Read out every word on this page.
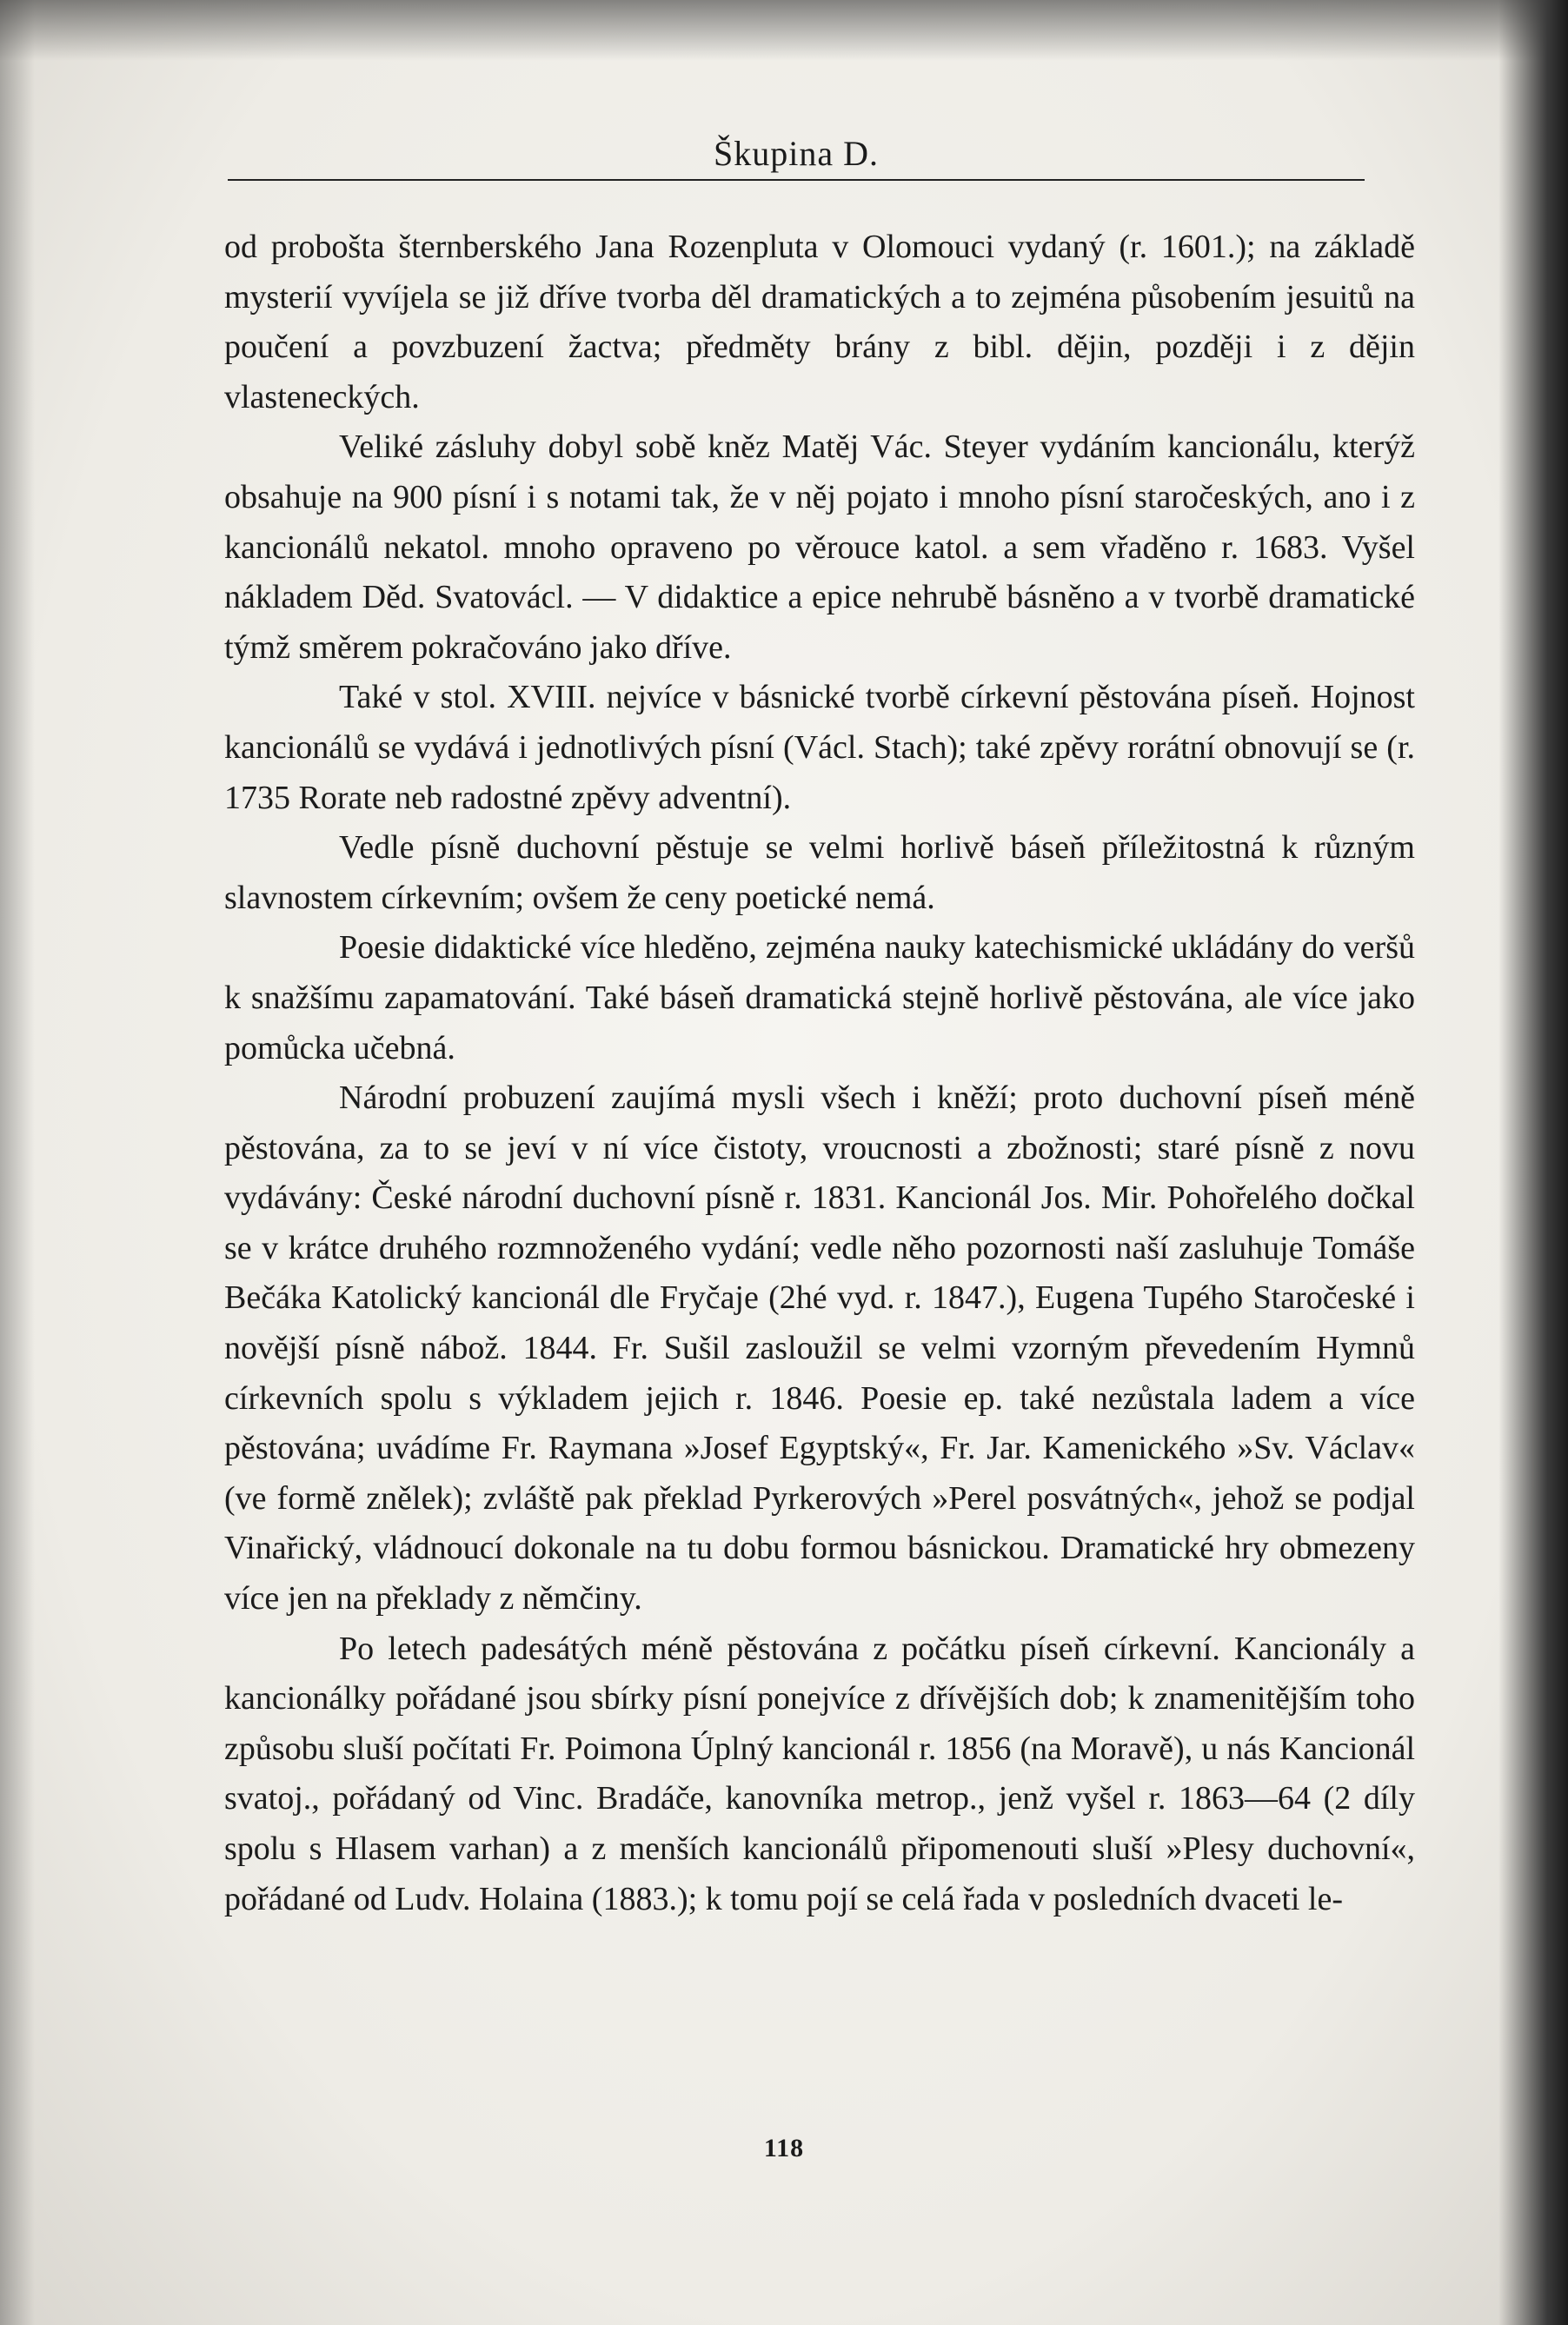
Škupina D.

od proboštа šternberského Jana Rozenpluta v Olomouci vydaný (r. 1601.); na základě mysterií vyvíjela se již dříve tvorba děl dramatických a to zejména působením jesuitů na poučení a povzbuzení žactva; předměty brány z bibl. dějin, později i z dějin vlasteneckých.

Veliké zásluhy dobyl sobě kněz Matěj Vác. Steyer vydáním kancionálu, kterýž obsahuje na 900 písní i s notami tak, že v něj pojato i mnoho písní staročeských, ano i z kancionálů nekatol. mnoho opraveno po věrouce katol. a sem vřaděno r. 1683. Vyšel nákladem Děd. Svatovácl. — V didaktice a epice nehrubě básněno a v tvorbě dramatické týmž směrem pokračováno jako dříve.

Také v stol. XVIII. nejvíce v básnické tvorbě církevní pěstována píseň. Hojnost kancionálů se vydává i jednotlivých písní (Václ. Stach); také zpěvy rorátní obnovují se (r. 1735 Rorate neb radostné zpěvy adventní).

Vedle písně duchovní pěstuje se velmi horlivě báseň příležitostná k různým slavnostem církevním; ovšem že ceny poetické nemá.

Poesie didaktické více hleděno, zejména nauky katechismické ukládány do veršů k snažšímu zapamatování. Také báseň dramatická stejně horlivě pěstována, ale více jako pomůcka učebná.

Národní probuzení zaujímá mysli všech i kněží; proto duchovní píseň méně pěstována, za to se jeví v ní více čistoty, vroucnosti a zbožnosti; staré písně z novu vydávány: České národní duchovní písně r. 1831. Kancionál Jos. Mir. Pohořelého dočkal se v krátce druhého rozmnoženého vydání; vedle něho pozornosti naší zasluhuje Tomáše Bečáka Katolický kancionál dle Fryčaje (2hé vyd. r. 1847.), Eugena Tupého Staročeské i novější písně nábož. 1844. Fr. Sušil zasloužil se velmi vzorným převedením Hymnů církevních spolu s výkladem jejich r. 1846. Poesie ep. také nezůstala ladem a více pěstována; uvádíme Fr. Raymana »Josef Egyptský«, Fr. Jar. Kamenického »Sv. Václav« (ve formě znělek); zvláště pak překlad Pyrkerových »Perel posvátných«, jehož se podjal Vinařický, vládnoucí dokonale na tu dobu formou básnickou. Dramatické hry obmezeny více jen na překlady z němčiny.

Po letech padesátých méně pěstována z počátku píseň církevní. Kancionály a kancionálky pořádané jsou sbírky písní ponejvíce z dřívějších dob; k znamenitějším toho způsobu sluší počítati Fr. Poimona Úplný kancionál r. 1856 (na Moravě), u nás Kancionál svatoj., pořádaný od Vinc. Bradáče, kanovníka metrop., jenž vyšel r. 1863—64 (2 díly spolu s Hlasem varhan) a z menších kancionálů připomenouti sluší »Plesy duchovní«, pořádané od Ludv. Holaina (1883.); k tomu pojí se celá řada v posledních dvaceti le-

118
